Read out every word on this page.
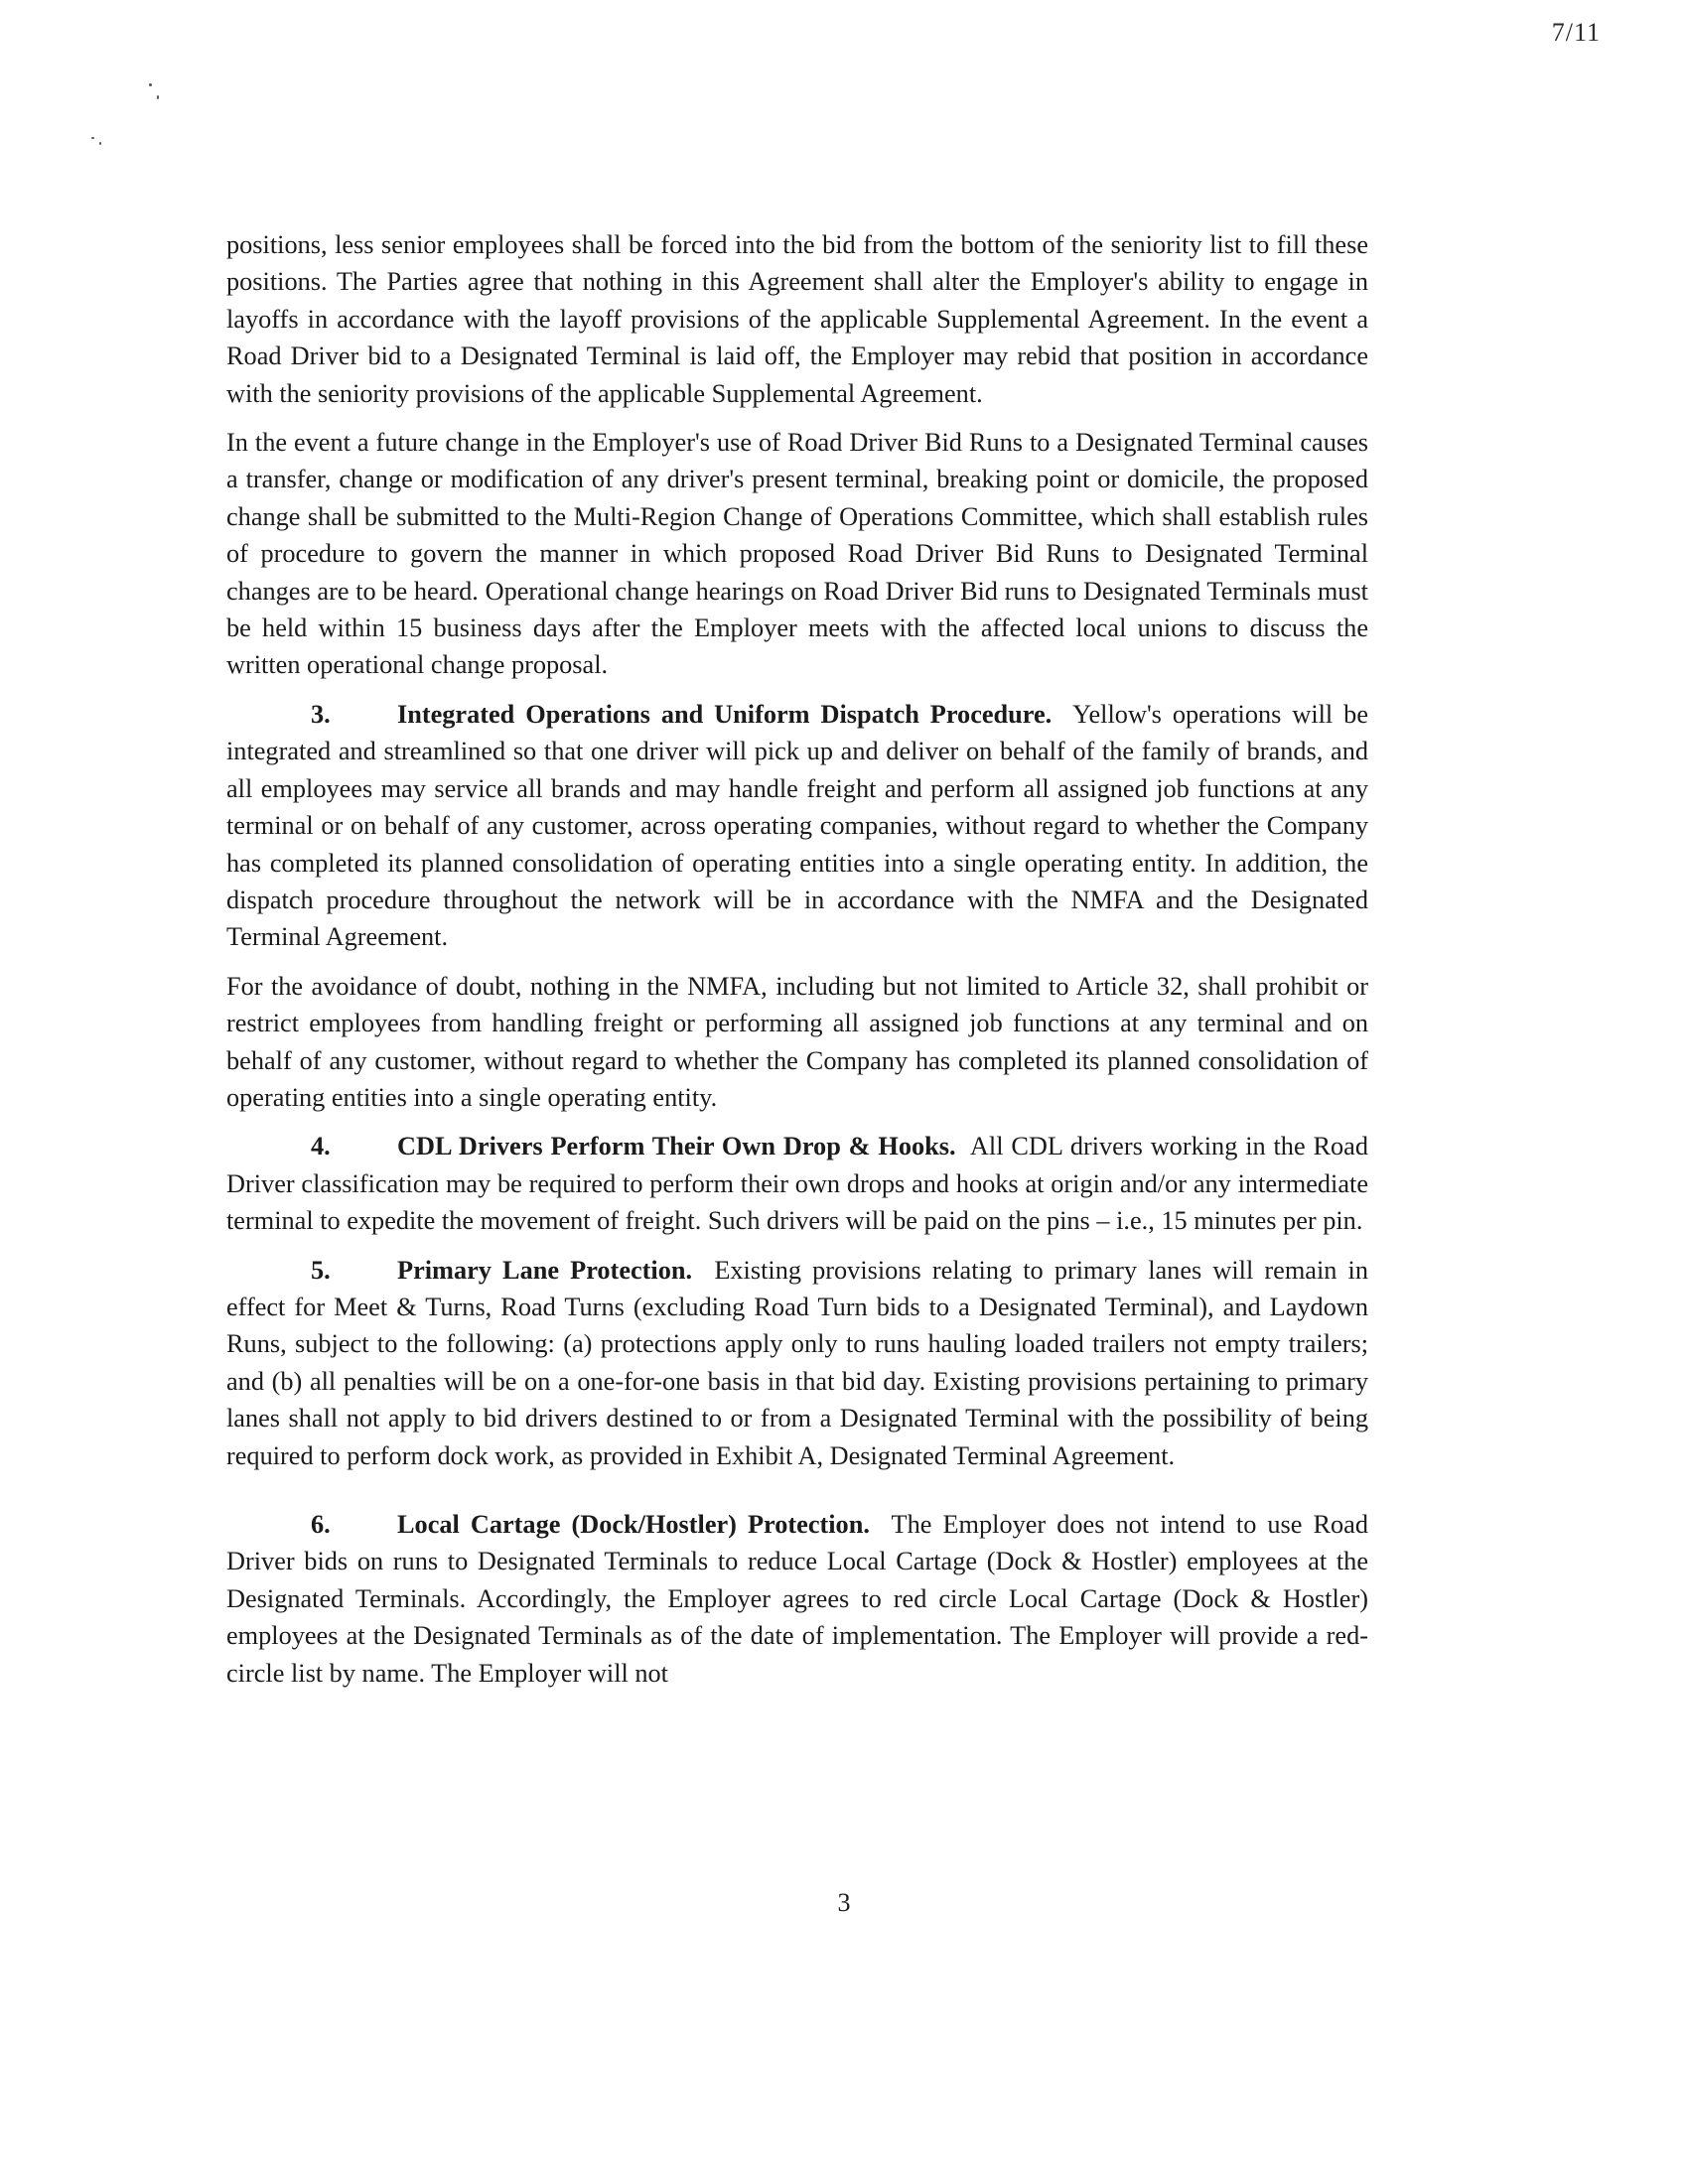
7/11

positions, less senior employees shall be forced into the bid from the bottom of the seniority list to fill these positions. The Parties agree that nothing in this Agreement shall alter the Employer's ability to engage in layoffs in accordance with the layoff provisions of the applicable Supplemental Agreement. In the event a Road Driver bid to a Designated Terminal is laid off, the Employer may rebid that position in accordance with the seniority provisions of the applicable Supplemental Agreement.

In the event a future change in the Employer's use of Road Driver Bid Runs to a Designated Terminal causes a transfer, change or modification of any driver's present terminal, breaking point or domicile, the proposed change shall be submitted to the Multi-Region Change of Operations Committee, which shall establish rules of procedure to govern the manner in which proposed Road Driver Bid Runs to Designated Terminal changes are to be heard. Operational change hearings on Road Driver Bid runs to Designated Terminals must be held within 15 business days after the Employer meets with the affected local unions to discuss the written operational change proposal.

3.	Integrated Operations and Uniform Dispatch Procedure. Yellow's operations will be integrated and streamlined so that one driver will pick up and deliver on behalf of the family of brands, and all employees may service all brands and may handle freight and perform all assigned job functions at any terminal or on behalf of any customer, across operating companies, without regard to whether the Company has completed its planned consolidation of operating entities into a single operating entity. In addition, the dispatch procedure throughout the network will be in accordance with the NMFA and the Designated Terminal Agreement.

For the avoidance of doubt, nothing in the NMFA, including but not limited to Article 32, shall prohibit or restrict employees from handling freight or performing all assigned job functions at any terminal and on behalf of any customer, without regard to whether the Company has completed its planned consolidation of operating entities into a single operating entity.

4.	CDL Drivers Perform Their Own Drop & Hooks. All CDL drivers working in the Road Driver classification may be required to perform their own drops and hooks at origin and/or any intermediate terminal to expedite the movement of freight. Such drivers will be paid on the pins – i.e., 15 minutes per pin.

5.	Primary Lane Protection. Existing provisions relating to primary lanes will remain in effect for Meet & Turns, Road Turns (excluding Road Turn bids to a Designated Terminal), and Laydown Runs, subject to the following: (a) protections apply only to runs hauling loaded trailers not empty trailers; and (b) all penalties will be on a one-for-one basis in that bid day. Existing provisions pertaining to primary lanes shall not apply to bid drivers destined to or from a Designated Terminal with the possibility of being required to perform dock work, as provided in Exhibit A, Designated Terminal Agreement.

6.	Local Cartage (Dock/Hostler) Protection. The Employer does not intend to use Road Driver bids on runs to Designated Terminals to reduce Local Cartage (Dock & Hostler) employees at the Designated Terminals. Accordingly, the Employer agrees to red circle Local Cartage (Dock & Hostler) employees at the Designated Terminals as of the date of implementation. The Employer will provide a red-circle list by name. The Employer will not

3
